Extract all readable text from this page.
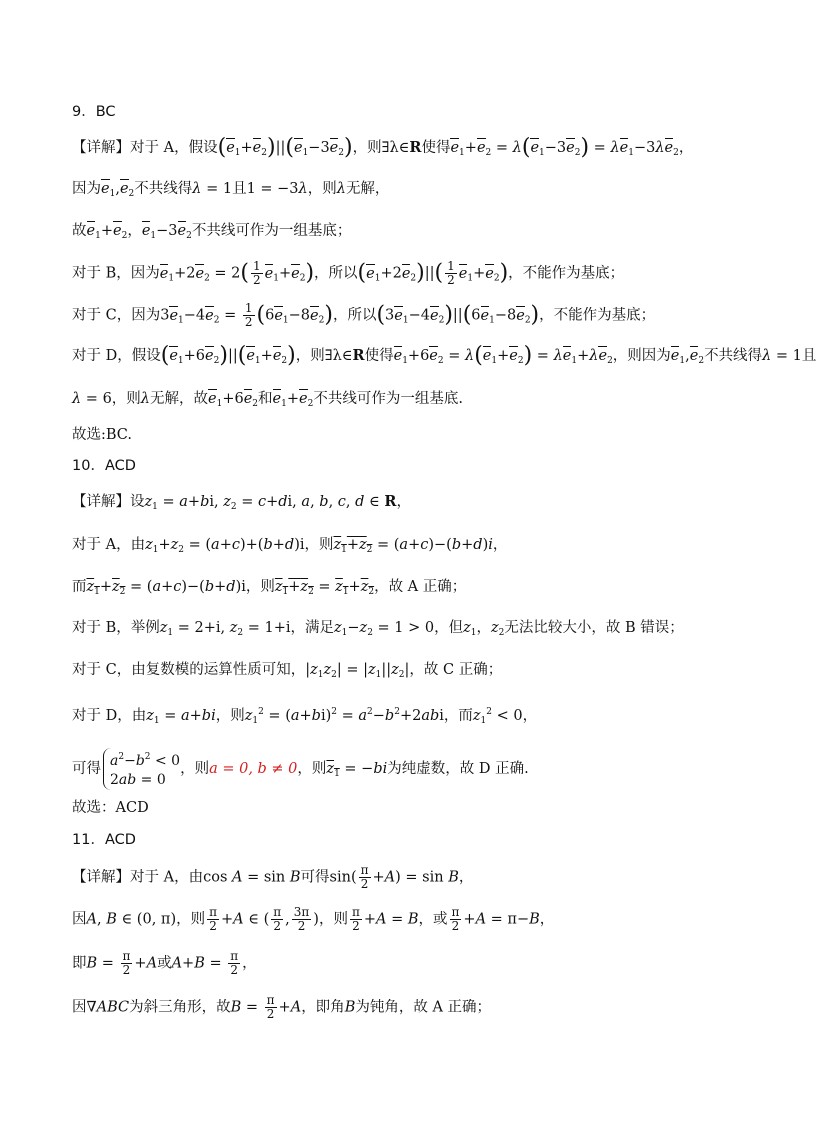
9．BC
【详解】对于 A，假设$(e_1+e_2)||(e_1-3e_2)$，则∃λ∈R使得$e_1+e_2 = \lambda(e_1-3e_2) = \lambda e_1-3\lambda e_2$，
因为$e_1,e_2$不共线得λ = 1且1 = −3λ，则λ无解，
故$e_1+e_2$，$e_1-3e_2$不共线可作为一组基底；
对于 B，因为$e_1+2e_2 = 2( \frac{1}{2} e_1+e_2)$，所以$(e_1+2e_2)||( \frac{1}{2} e_1+e_2)$，不能作为基底；
对于 C，因为$3e_1-4e_2 = \frac{1}{2} (6e_1-8e_2)$，所以$(3e_1-4e_2)||(6e_1-8e_2)$，不能作为基底；
对于 D，假设$(e_1+6e_2)||(e_1+e_2)$，则∃λ∈R使得$e_1+6e_2 = \lambda(e_1+e_2) = \lambda e_1+\lambda e_2$，则因为$e_1,e_2$不共线得λ = 1且
λ = 6，则λ无解，故$e_1+6e_2$和$e_1+e_2$不共线可作为一组基底.
故选:BC.
10．ACD
【详解】设$z_1 = a+bi$, $z_2 = c+di$, a, b, c, d ∈ R，
对于 A，由$z_1+z_2 = (a+c)+(b+d)i$，则$z_1+z_2 = (a+c)-(b+d)i$，
而$z_1+z_2 = (a+c)-(b+d)i$，则$z_1+z_2 = z_1+z_2$，故 A 正确；
对于 B，举例$z_1 = 2+i$, $z_2 = 1+i$，满足$z_1-z_2 = 1 > 0$，但$z_1$，$z_2$无法比较大小，故 B 错误；
对于 C，由复数模的运算性质可知，$|z_1z_2| = |z_1||z_2|$，故 C 正确；
对于 D，由$z_1 = a+bi$，则$z_1^2 = (a+bi)^2 = a^2-b^2+2abi$，而$z_1^2 < 0$，
可得 $a^2-b^2 < 0$
2ab = 0
，则a = 0, b ≠ 0，则$z_1 = -bi$为纯虚数，故 D 正确.
故选：ACD
11．ACD
【详解】对于 A，由cos A = sin B可得$\sin( \frac{\pi}{2} +A) = \sin B$，
因A, B ∈ (0, π)，则 $\frac{\pi}{2} +A$ ∈ ( $\frac{\pi}{2}$ , $\frac{3\pi}{2}$ )，则 $\frac{\pi}{2} +A = B$，或 $\frac{\pi}{2} +A = \pi-B$，
即$B = \frac{\pi}{2} +A$或$A+B = \frac{\pi}{2}$ ，
因∇ABC为斜三角形，故$B = \frac{\pi}{2} +A$，即角B为钝角，故 A 正确；
